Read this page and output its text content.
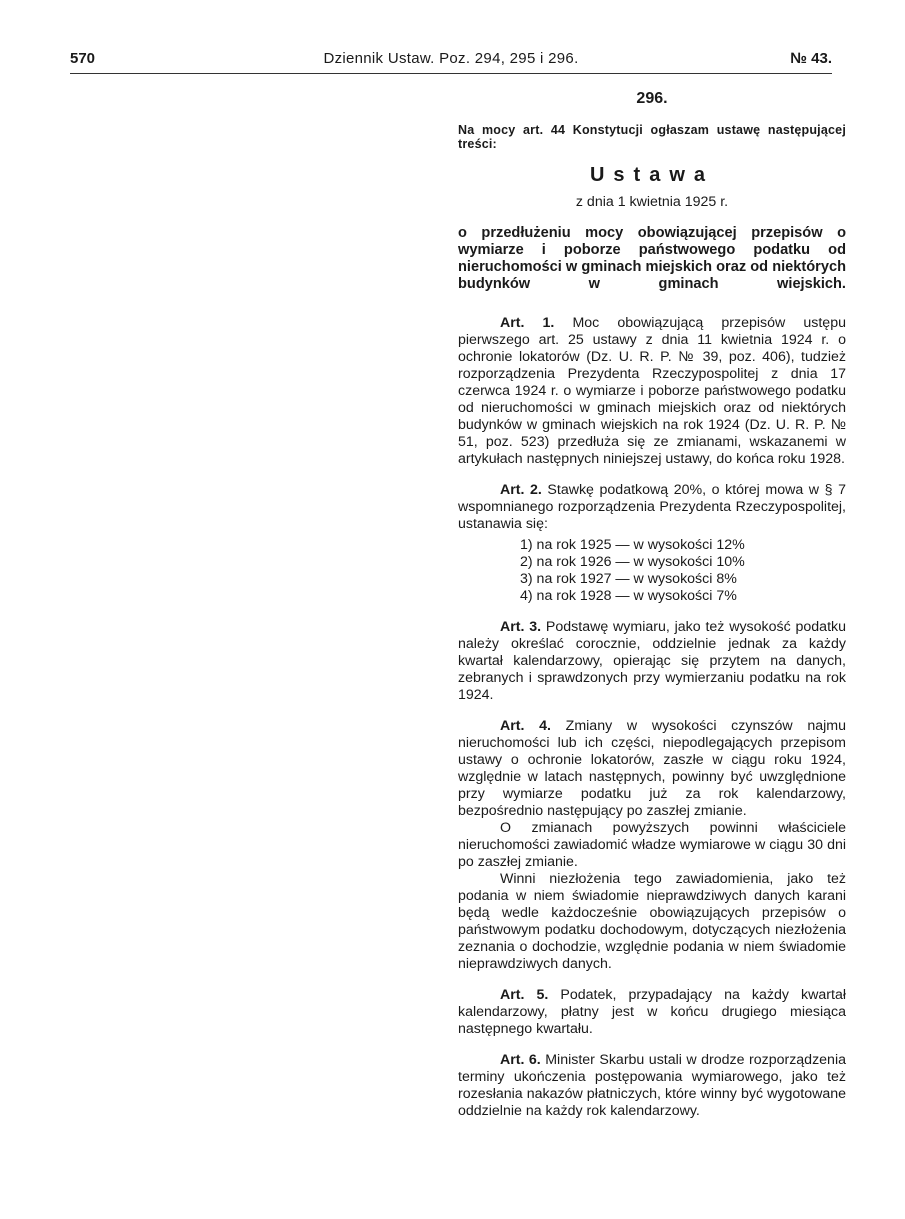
570	Dziennik Ustaw. Poz. 294, 295 i 296.	№ 43.
296.
Na mocy art. 44 Konstytucji ogłaszam ustawę następującej treści:
Ustawa
z dnia 1 kwietnia 1925 r.
o przedłużeniu mocy obowiązującej przepisów o wymiarze i poborze państwowego podatku od nieruchomości w gminach miejskich oraz od niektórych budynków w gminach wiejskich.

Art. 1. Moc obowiązującą przepisów ustępu pierwszego art. 25 ustawy z dnia 11 kwietnia 1924 r. o ochronie lokatorów (Dz. U. R. P. № 39, poz. 406), tudzież rozporządzenia Prezydenta Rzeczypospolitej z dnia 17 czerwca 1924 r. o wymiarze i poborze państwowego podatku od nieruchomości w gminach miejskich oraz od niektórych budynków w gminach wiejskich na rok 1924 (Dz. U. R. P. № 51, poz. 523) przedłuża się ze zmianami, wskazanemi w artykułach następnych niniejszej ustawy, do końca roku 1928.

Art. 2. Stawkę podatkową 20%, o której mowa w § 7 wspomnianego rozporządzenia Prezydenta Rzeczypospolitej, ustanawia się:

1) na rok 1925 — w wysokości 12%
2) na rok 1926 — w wysokości 10%
3) na rok 1927 — w wysokości 8%
4) na rok 1928 — w wysokości 7%

Art. 3. Podstawę wymiaru, jako też wysokość podatku należy określać corocznie, oddzielnie jednak za każdy kwartał kalendarzowy, opierając się przytem na danych, zebranych i sprawdzonych przy wymierzaniu podatku na rok 1924.

Art. 4. Zmiany w wysokości czynszów najmu nieruchomości lub ich części, niepodlegających przepisom ustawy o ochronie lokatorów, zaszłe w ciągu roku 1924, względnie w latach następnych, powinny być uwzględnione przy wymiarze podatku już za rok kalendarzowy, bezpośrednio następujący po zaszłej zmianie.

O zmianach powyższych powinni właściciele nieruchomości zawiadomić władze wymiarowe w ciągu 30 dni po zaszłej zmianie.

Winni niezłożenia tego zawiadomienia, jako też podania w niem świadomie nieprawdziwych danych karani będą wedle każdocześnie obowiązujących przepisów o państwowym podatku dochodowym, dotyczących niezłożenia zeznania o dochodzie, względnie podania w niem świadomie nieprawdziwych danych.

Art. 5. Podatek, przypadający na każdy kwartał kalendarzowy, płatny jest w końcu drugiego miesiąca następnego kwartału.

Art. 6. Minister Skarbu ustali w drodze rozporządzenia terminy ukończenia postępowania wymiarowego, jako też rozesłania nakazów płatniczych, które winny być wygotowane oddzielnie na każdy rok kalendarzowy.
